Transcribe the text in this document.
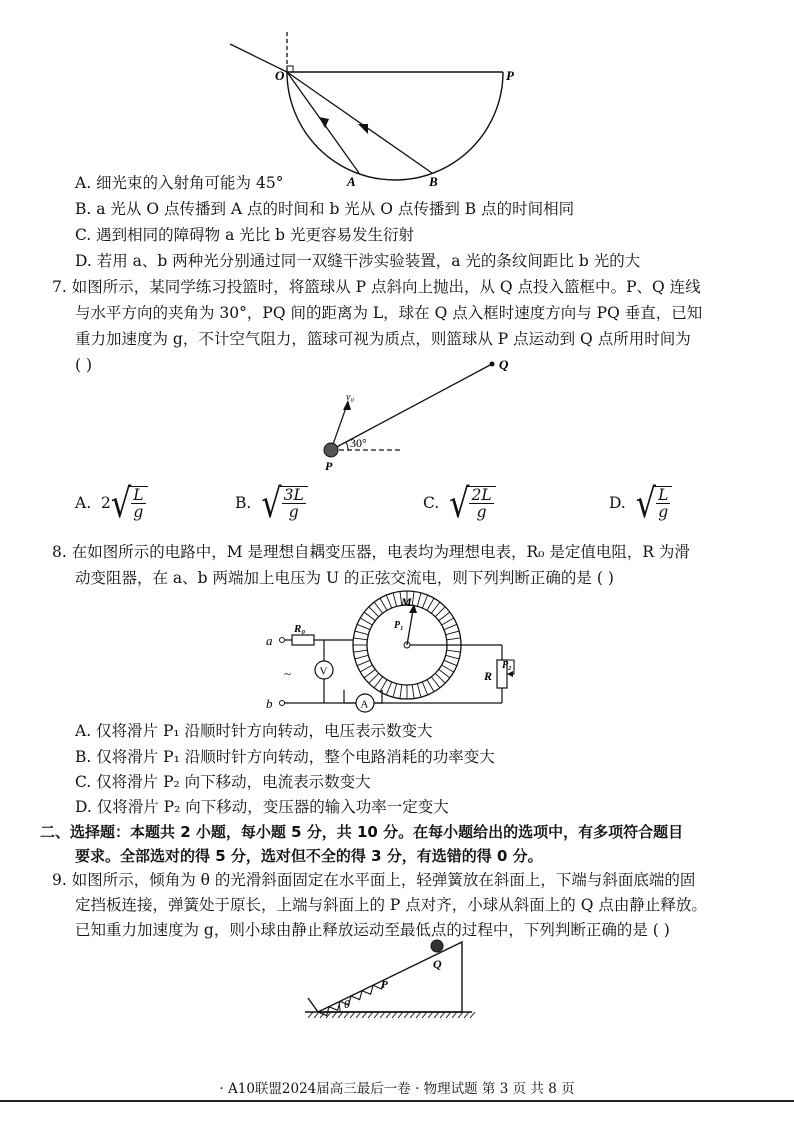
O	P
A	B
A. 细光束的入射角可能为 45°
B. a 光从 O 点传播到 A 点的时间和 b 光从 O 点传播到 B 点的时间相同
C. 遇到相同的障碍物 a 光比 b 光更容易发生衍射
D. 若用 a、b 两种光分别通过同一双缝干涉实验装置，a 光的条纹间距比 b 光的大
7. 如图所示，某同学练习投篮时，将篮球从 P 点斜向上抛出，从 Q 点投入篮框中。P、Q 连线
与水平方向的夹角为 30°，PQ 间的距离为 L，球在 Q 点入框时速度方向与 PQ 垂直，已知
重力加速度为 g，不计空气阻力，篮球可视为质点，则篮球从 P 点运动到 Q 点所用时间为
( )
v₀
30°
Q
P
A.
2 √ $\frac{L}{g}$	B.
√ $\frac{3L}{g}$	C.
√ $\frac{2L}{g}$	D.
√ $\frac{L}{g}$
8. 在如图所示的电路中，M 是理想自耦变压器，电表均为理想电表，R₀ 是定值电阻，R 为滑
动变阻器，在 a、b 两端加上电压为 U 的正弦交流电，则下列判断正确的是 ( )
M
P₁
a
b
~
R₀
V
A
R
P₂
A. 仅将滑片 P₁ 沿顺时针方向转动，电压表示数变大
B. 仅将滑片 P₁ 沿顺时针方向转动，整个电路消耗的功率变大
C. 仅将滑片 P₂ 向下移动，电流表示数变大
D. 仅将滑片 P₂ 向下移动，变压器的输入功率一定变大
二、选择题：本题共 2 小题，每小题 5 分，共 10 分。在每小题给出的选项中，有多项符合题目
要求。全部选对的得 5 分，选对但不全的得 3 分，有选错的得 0 分。
9. 如图所示，倾角为 θ 的光滑斜面固定在水平面上，轻弹簧放在斜面上，下端与斜面底端的固
定挡板连接，弹簧处于原长，上端与斜面上的 P 点对齐，小球从斜面上的 Q 点由静止释放。
已知重力加速度为 g，则小球由静止释放运动至最低点的过程中，下列判断正确的是 ( )
Q
P
θ
· A10联盟2024届高三最后一卷 · 物理试题 第 3 页 共 8 页
